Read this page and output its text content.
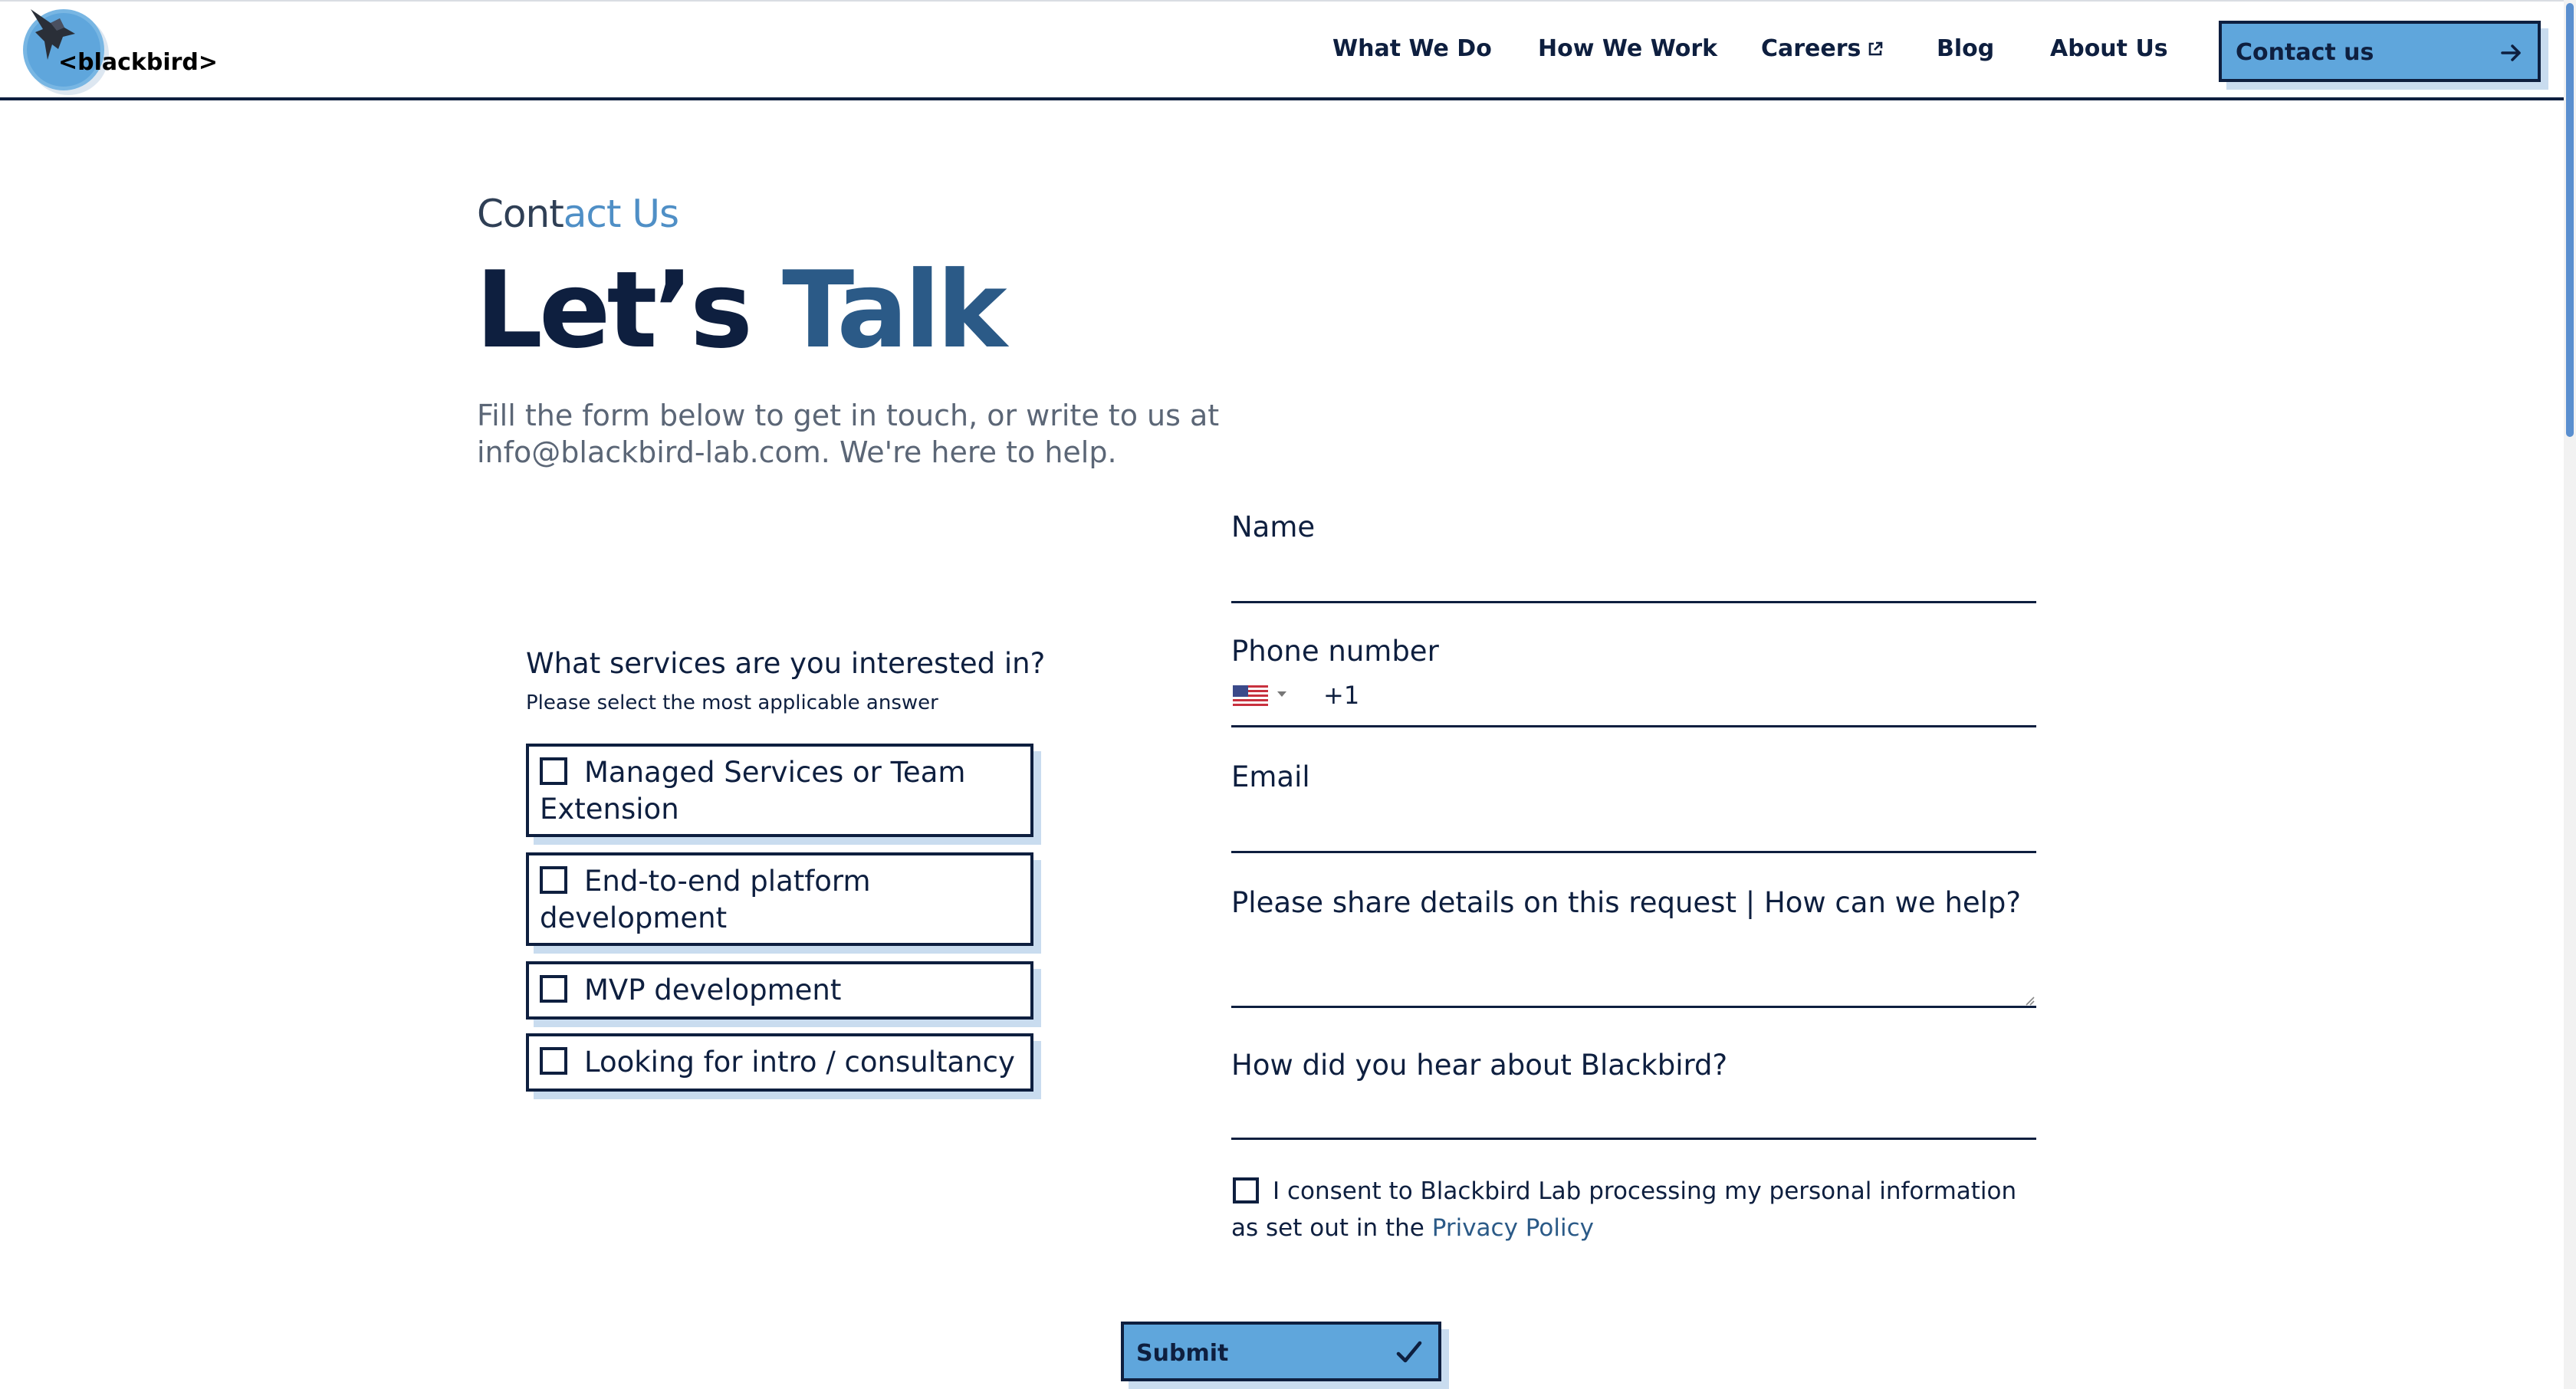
<blackbird>
What We Do How We Work Careers	Blog About Us	Contact us
Contact Us
Let’s Talk

Fill the form below to get in touch, or write to us at info@blackbird-lab.com. We're here to help.

What services are you interested in?
Please select the most applicable answer
Managed Services or Team Extension
End-to-end platform development
MVP development
Looking for intro / consultancy
Name
Phone number
+1
Email
Please share details on this request | How can we help?
How did you hear about Blackbird?

I consent to Blackbird Lab processing my personal information as set out in the Privacy Policy

Submit
